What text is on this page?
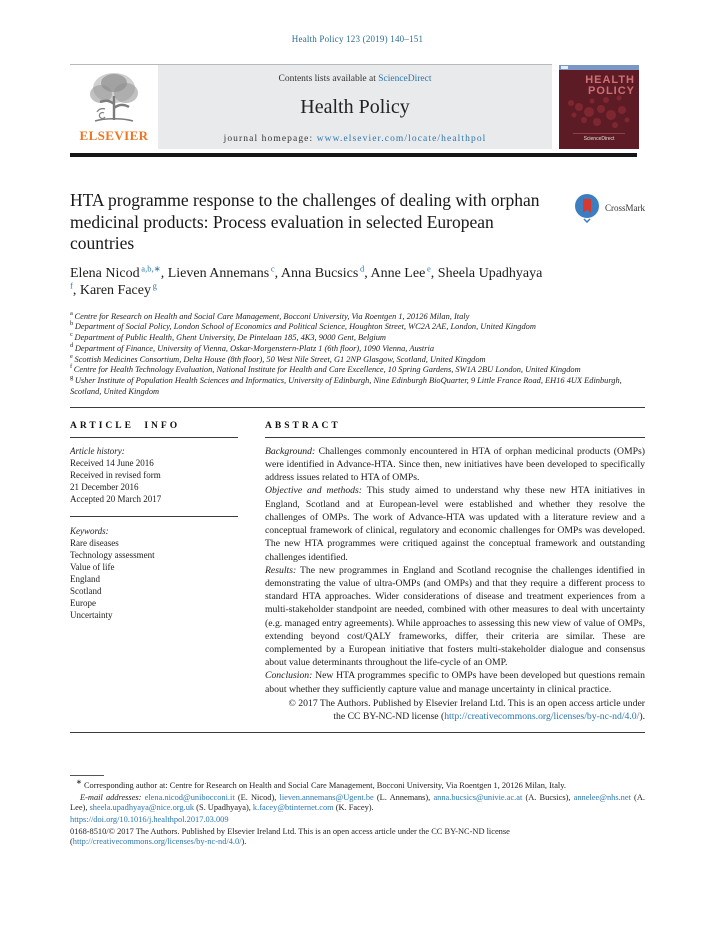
Health Policy 123 (2019) 140–151
ELSEVIER
Contents lists available at ScienceDirect
Health Policy
journal homepage: www.elsevier.com/locate/healthpol
HEALTH
POLICY
ScienceDirect
HTA programme response to the challenges of dealing with orphan medicinal products: Process evaluation in selected European countries
CrossMark
Elena Nicod $^{a,b,∗}$, Lieven Annemans $^c$, Anna Bucsics $^d$, Anne Lee $^e$, Sheela Upadhyaya $^f$, Karen Facey $^g$
$^a$ Centre for Research on Health and Social Care Management, Bocconi University, Via Roentgen 1, 20126 Milan, Italy
$^b$ Department of Social Policy, London School of Economics and Political Science, Houghton Street, WC2A 2AE, London, United Kingdom
$^c$ Department of Public Health, Ghent University, De Pintelaan 185, 4K3, 9000 Gent, Belgium
$^d$ Department of Finance, University of Vienna, Oskar-Morgenstern-Platz 1 (6th floor), 1090 Vienna, Austria
$^e$ Scottish Medicines Consortium, Delta House (8th floor), 50 West Nile Street, G1 2NP Glasgow, Scotland, United Kingdom
$^f$ Centre for Health Technology Evaluation, National Institute for Health and Care Excellence, 10 Spring Gardens, SW1A 2BU London, United Kingdom
$^g$ Usher Institute of Population Health Sciences and Informatics, University of Edinburgh, Nine Edinburgh BioQuarter, 9 Little France Road, EH16 4UX Edinburgh, Scotland, United Kingdom
ARTICLE INFO
Article history:
Received 14 June 2016
Received in revised form
21 December 2016
Accepted 20 March 2017
Keywords:
Rare diseases
Technology assessment
Value of life
England
Scotland
Europe
Uncertainty
ABSTRACT
Background: Challenges commonly encountered in HTA of orphan medicinal products (OMPs) were identified in Advance-HTA. Since then, new initiatives have been developed to specifically address issues related to HTA of OMPs.
Objective and methods: This study aimed to understand why these new HTA initiatives in England, Scotland and at European-level were established and whether they resolve the challenges of OMPs. The work of Advance-HTA was updated with a literature review and a conceptual framework of clinical, regulatory and economic challenges for OMPs was developed. The new HTA programmes were critiqued against the conceptual framework and outstanding challenges identified.
Results: The new programmes in England and Scotland recognise the challenges identified in demonstrating the value of ultra-OMPs (and OMPs) and that they require a different process to standard HTA approaches. Wider considerations of disease and treatment experiences from a multi-stakeholder standpoint are needed, combined with other measures to deal with uncertainty (e.g. managed entry agreements). While approaches to assessing this new view of value of OMPs, extending beyond cost/QALY frameworks, differ, their criteria are similar. These are complemented by a European initiative that fosters multi-stakeholder dialogue and consensus about value determinants throughout the life-cycle of an OMP.
Conclusion: New HTA programmes specific to OMPs have been developed but questions remain about whether they sufficiently capture value and manage uncertainty in clinical practice.
© 2017 The Authors. Published by Elsevier Ireland Ltd. This is an open access article under
the CC BY-NC-ND license (http://creativecommons.org/licenses/by-nc-nd/4.0/).
∗ Corresponding author at: Centre for Research on Health and Social Care Management, Bocconi University, Via Roentgen 1, 20126 Milan, Italy.
E-mail addresses: elena.nicod@unibocconi.it (E. Nicod), lieven.annemans@Ugent.be (L. Annemans), anna.bucsics@univie.ac.at (A. Bucsics), annelee@nhs.net (A. Lee), sheela.upadhyaya@nice.org.uk (S. Upadhyaya), k.facey@btinternet.com (K. Facey).
https://doi.org/10.1016/j.healthpol.2017.03.009
0168-8510/© 2017 The Authors. Published by Elsevier Ireland Ltd. This is an open access article under the CC BY-NC-ND license (http://creativecommons.org/licenses/by-nc-nd/4.0/).
